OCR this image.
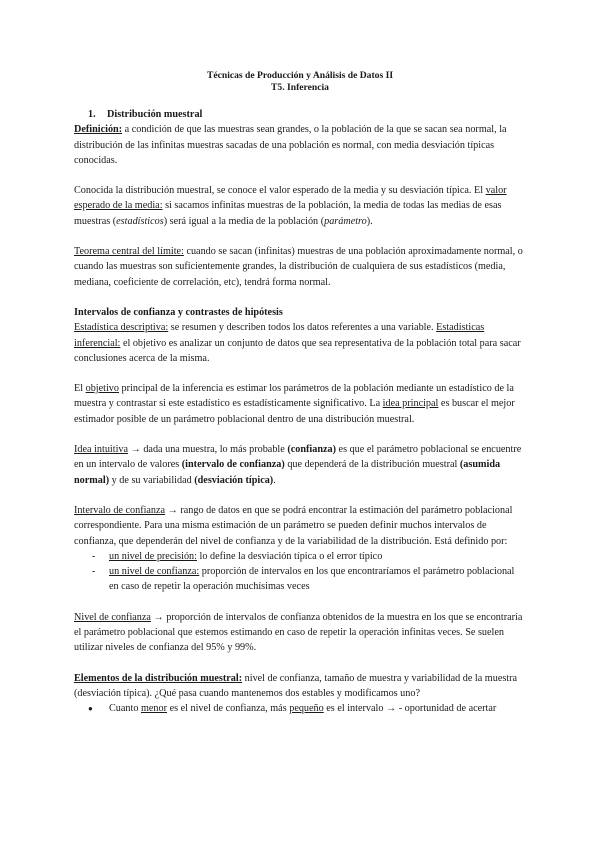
Técnicas de Producción y Análisis de Datos II
T5. Inferencia
1.	Distribución muestral

Definición: a condición de que las muestras sean grandes, o la población de la que se sacan sea normal, la distribución de las infinitas muestras sacadas de una población es normal, con media desviación típicas conocidas.

Conocida la distribución muestral, se conoce el valor esperado de la media y su desviación típica. El valor esperado de la media: si sacamos infinitas muestras de la población, la media de todas las medias de esas muestras (estadísticos) será igual a la media de la población (parámetro).

Teorema central del límite: cuando se sacan (infinitas) muestras de una población aproximadamente normal, o cuando las muestras son suficientemente grandes, la distribución de cualquiera de sus estadísticos (media, mediana, coeficiente de correlación, etc), tendrá forma normal.

Intervalos de confianza y contrastes de hipótesis

Estadística descriptiva: se resumen y describen todos los datos referentes a una variable. Estadísticas inferencial: el objetivo es analizar un conjunto de datos que sea representativa de la población total para sacar conclusiones acerca de la misma.

El objetivo principal de la inferencia es estimar los parámetros de la población mediante un estadístico de la muestra y contrastar si este estadístico es estadísticamente significativo. La idea principal es buscar el mejor estimador posible de un parámetro poblacional dentro de una distribución muestral.

Idea intuitiva → dada una muestra, lo más probable (confianza) es que el parámetro poblacional se encuentre en un intervalo de valores (intervalo de confianza) que dependerá de la distribución muestral (asumida normal) y de su variabilidad (desviación típica).

Intervalo de confianza → rango de datos en que se podrá encontrar la estimación del parámetro poblacional correspondiente. Para una misma estimación de un parámetro se pueden definir muchos intervalos de confianza, que dependerán del nivel de confianza y de la variabilidad de la distribución. Está definido por:

- un nivel de precisión: lo define la desviación típica o el error típico
- un nivel de confianza: proporción de intervalos en los que encontraríamos el parámetro poblacional en caso de repetir la operación muchísimas veces

Nivel de confianza → proporción de intervalos de confianza obtenidos de la muestra en los que se encontraría el parámetro poblacional que estemos estimando en caso de repetir la operación infinitas veces. Se suelen utilizar niveles de confianza del 95% y 99%.

Elementos de la distribución muestral: nivel de confianza, tamaño de muestra y variabilidad de la muestra (desviación típica). ¿Qué pasa cuando mantenemos dos estables y modificamos uno?

● Cuanto menor es el nivel de confianza, más pequeño es el intervalo → - oportunidad de acertar
